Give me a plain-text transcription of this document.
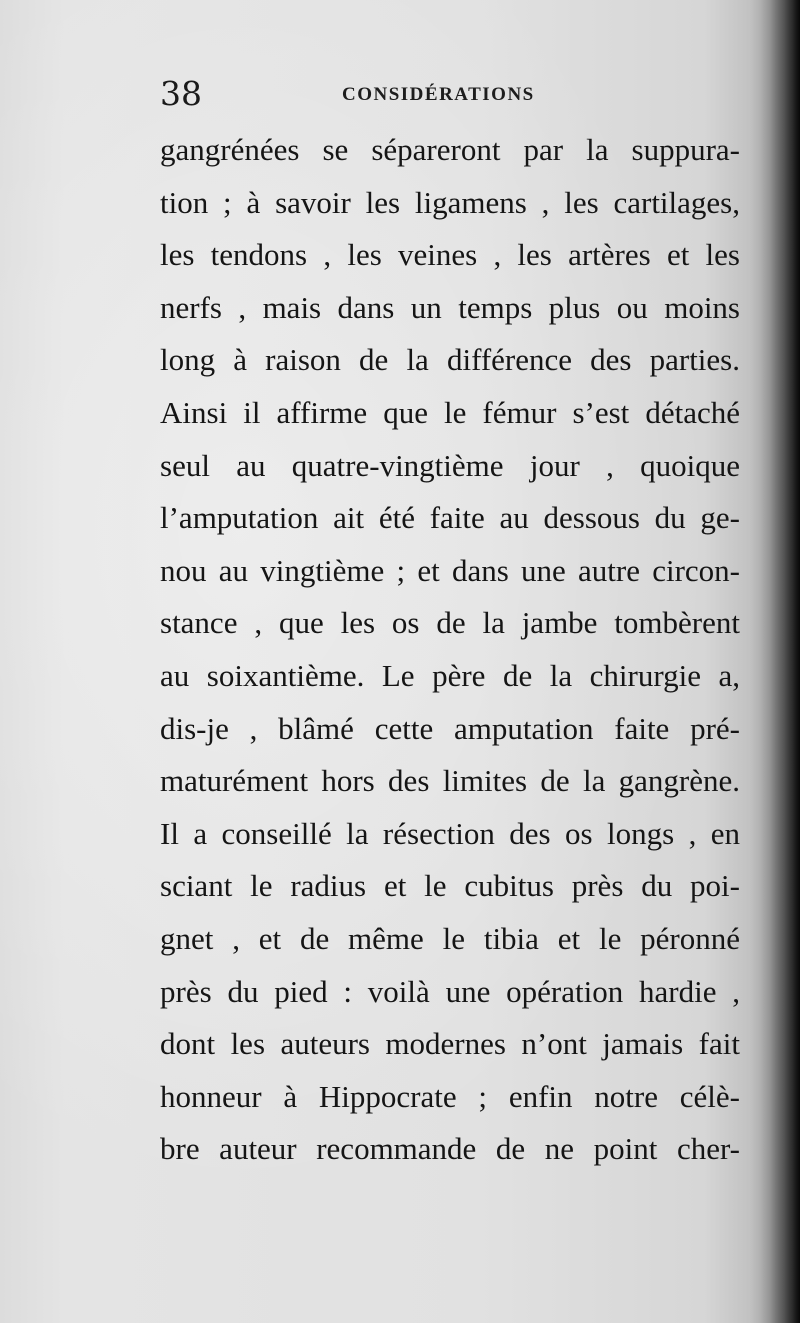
38	CONSIDÉRATIONS
gangrénées se sépareront par la suppura-
tion ; à savoir les ligamens , les cartilages,
les tendons , les veines , les artères et les
nerfs , mais dans un temps plus ou moins
long à raison de la différence des parties.
Ainsi il affirme que le fémur s’est détaché
seul au quatre-vingtième jour , quoique
l’amputation ait été faite au dessous du ge-
nou au vingtième ; et dans une autre circon-
stance , que les os de la jambe tombèrent
au soixantième. Le père de la chirurgie a,
dis-je , blâmé cette amputation faite pré-
maturément hors des limites de la gangrène.
Il a conseillé la résection des os longs , en
sciant le radius et le cubitus près du poi-
gnet , et de même le tibia et le péronné
près du pied : voilà une opération hardie ,
dont les auteurs modernes n’ont jamais fait
honneur à Hippocrate ; enfin notre célè-
bre auteur recommande de ne point cher-
